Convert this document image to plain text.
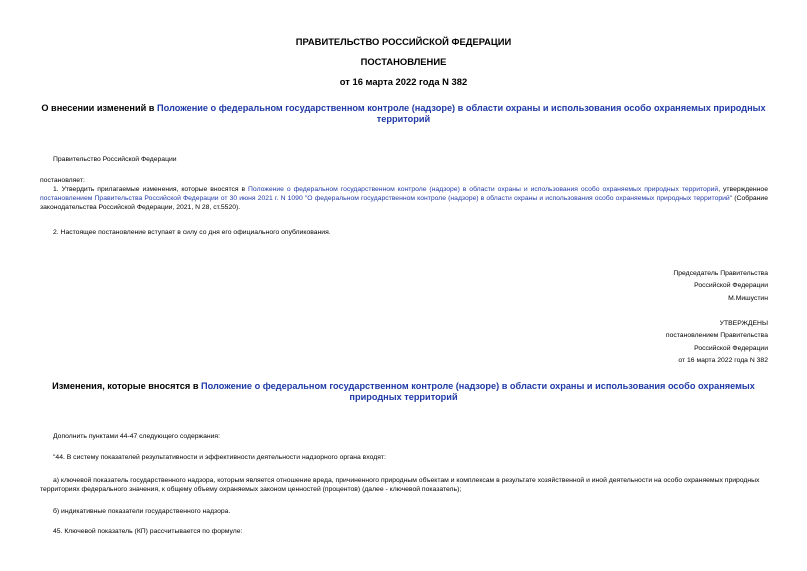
ПРАВИТЕЛЬСТВО РОССИЙСКОЙ ФЕДЕРАЦИИ
ПОСТАНОВЛЕНИЕ
от 16 марта 2022 года N 382
О внесении изменений в Положение о федеральном государственном контроле (надзоре) в области охраны и использования особо охраняемых природных территорий
Правительство Российской Федерации
постановляет:
1. Утвердить прилагаемые изменения, которые вносятся в Положение о федеральном государственном контроле (надзоре) в области охраны и использования особо охраняемых природных территорий, утвержденное постановлением Правительства Российской Федерации от 30 июня 2021 г. N 1090 "О федеральном государственном контроле (надзоре) в области охраны и использования особо охраняемых природных территорий" (Собрание законодательства Российской Федерации, 2021, N 28, ст.5520).
2. Настоящее постановление вступает в силу со дня его официального опубликования.
Председатель Правительства
Российской Федерации
М.Мишустин
УТВЕРЖДЕНЫ
постановлением Правительства
Российской Федерации
от 16 марта 2022 года N 382
Изменения, которые вносятся в Положение о федеральном государственном контроле (надзоре) в области охраны и использования особо охраняемых природных территорий
Дополнить пунктами 44-47 следующего содержания:
"44. В систему показателей результативности и эффективности деятельности надзорного органа входят:
а) ключевой показатель государственного надзора, которым является отношение вреда, причиненного природным объектам и комплексам в результате хозяйственной и иной деятельности на особо охраняемых природных территориях федерального значения, к общему объему охраняемых законом ценностей (процентов) (далее - ключевой показатель);
б) индикативные показатели государственного надзора.
45. Ключевой показатель (КП) рассчитывается по формуле:
